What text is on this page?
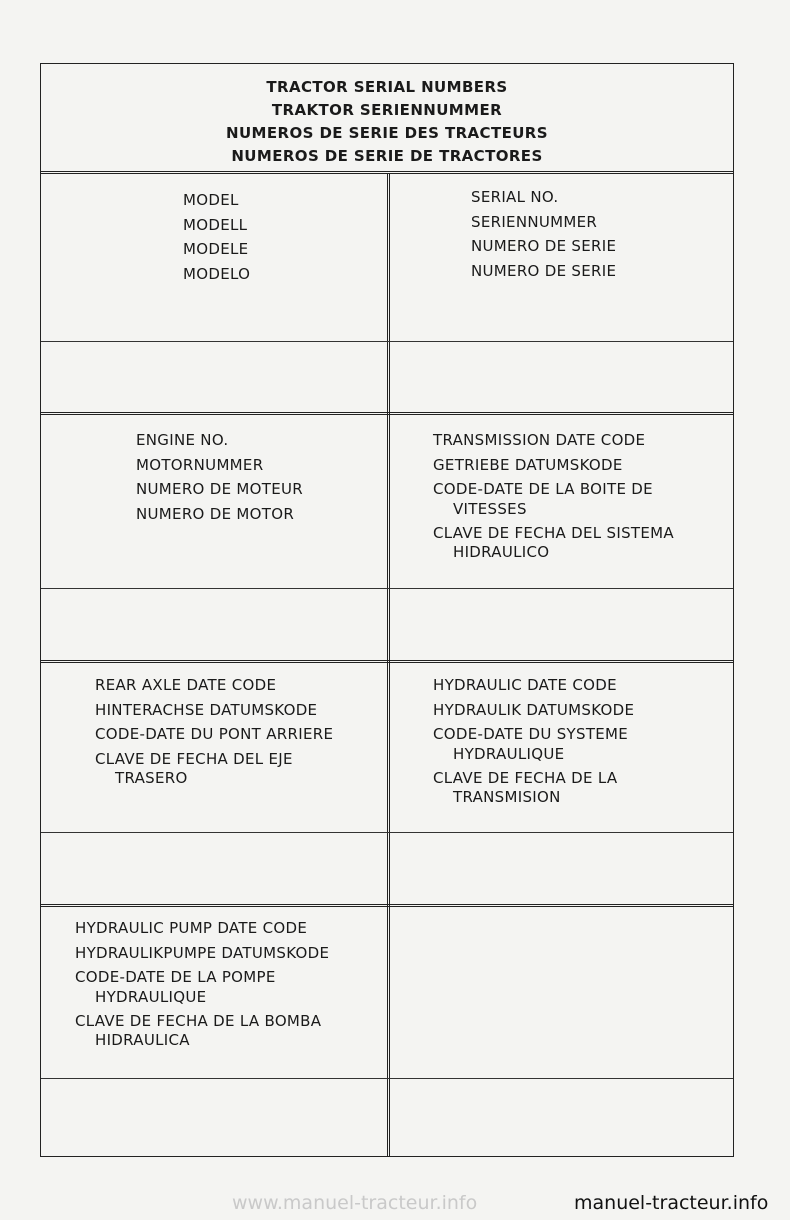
TRACTOR SERIAL NUMBERS
TRAKTOR SERIENNUMMER
NUMEROS DE SERIE DES TRACTEURS
NUMEROS DE SERIE DE TRACTORES
MODEL
MODELL
MODELE
MODELO
SERIAL NO.
SERIENNUMMER
NUMERO DE SERIE
NUMERO DE SERIE
ENGINE NO.
MOTORNUMMER
NUMERO DE MOTEUR
NUMERO DE MOTOR
TRANSMISSION DATE CODE
GETRIEBE DATUMSKODE
CODE-DATE DE LA BOITE DE
VITESSES
CLAVE DE FECHA DEL SISTEMA
HIDRAULICO
REAR AXLE DATE CODE
HINTERACHSE DATUMSKODE
CODE-DATE DU PONT ARRIERE
CLAVE DE FECHA DEL EJE
TRASERO
HYDRAULIC DATE CODE
HYDRAULIK DATUMSKODE
CODE-DATE DU SYSTEME
HYDRAULIQUE
CLAVE DE FECHA DE LA
TRANSMISION
HYDRAULIC PUMP DATE CODE
HYDRAULIKPUMPE DATUMSKODE
CODE-DATE DE LA POMPE
HYDRAULIQUE
CLAVE DE FECHA DE LA BOMBA
HIDRAULICA
www.manuel-tracteur.info	manuel-tracteur.info
